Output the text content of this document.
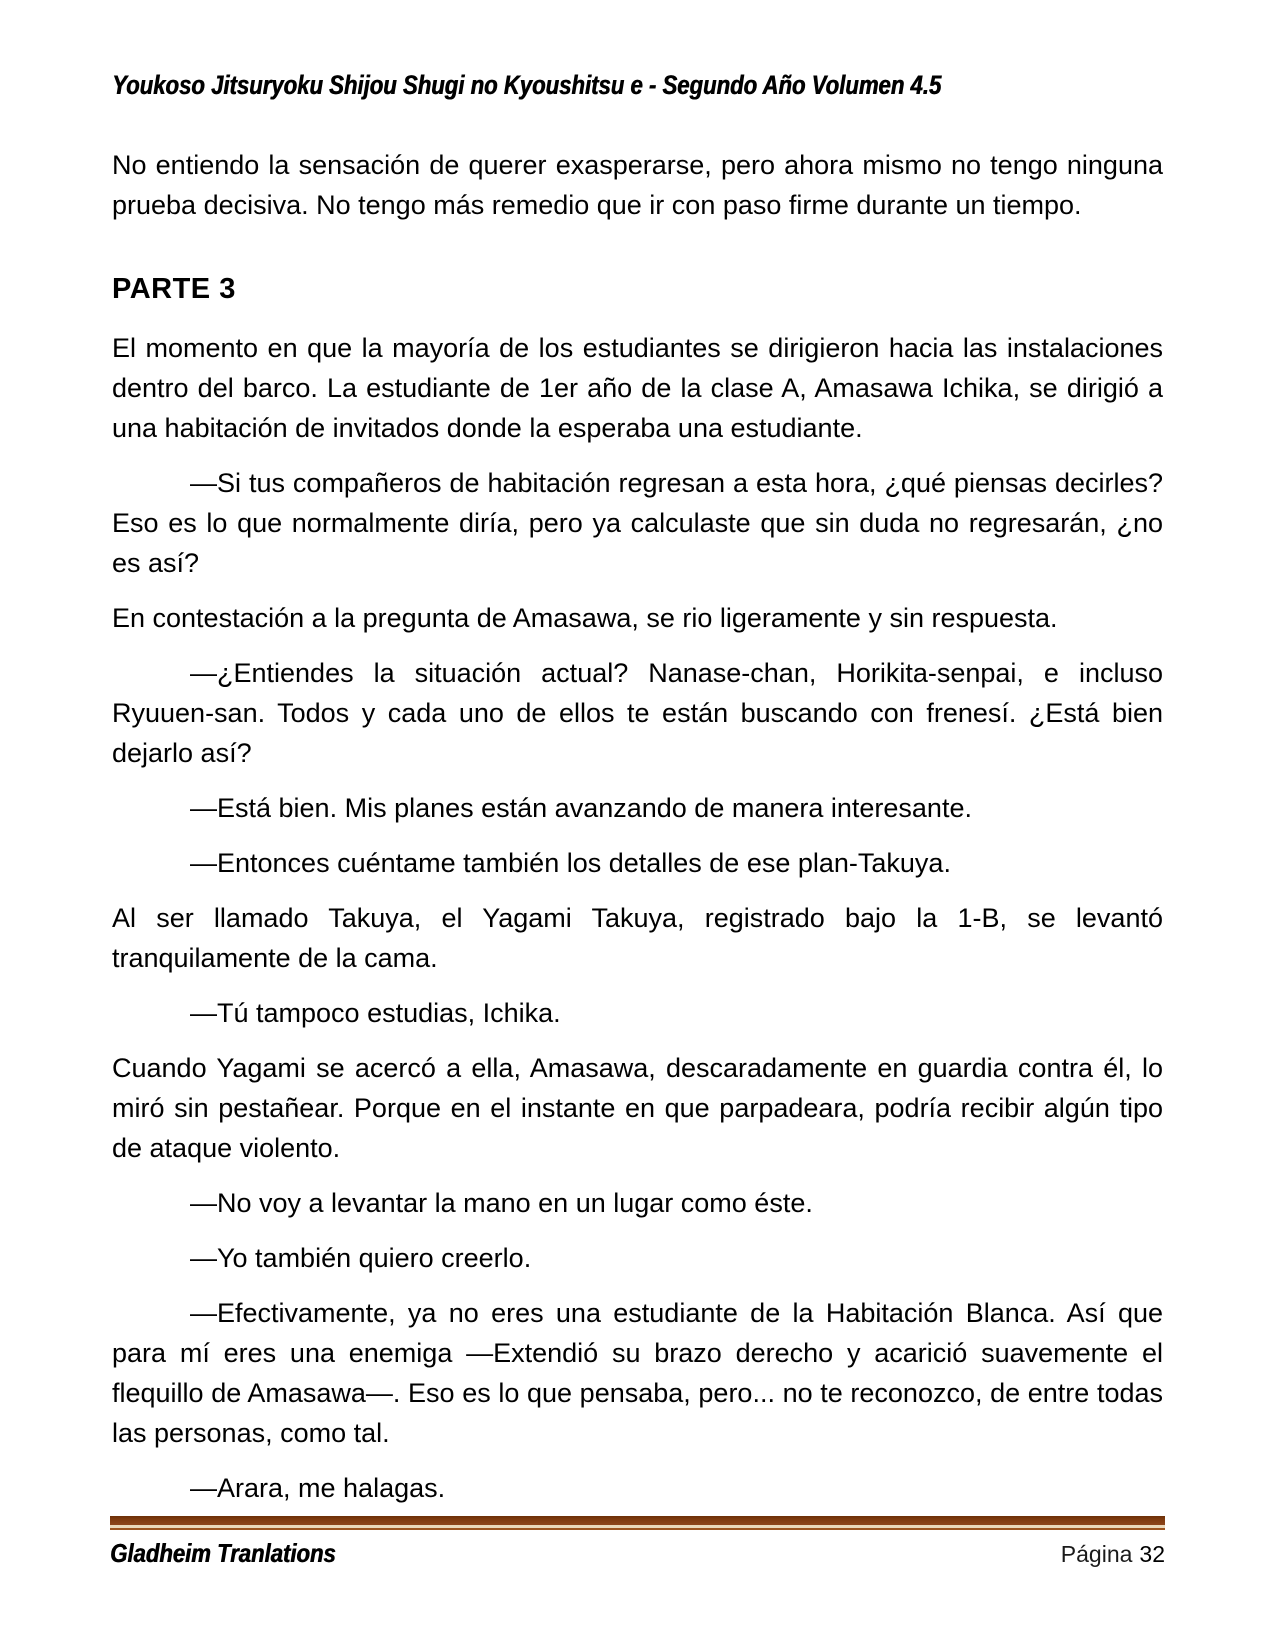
Youkoso Jitsuryoku Shijou Shugi no Kyoushitsu e - Segundo Año Volumen 4.5

No entiendo la sensación de querer exasperarse, pero ahora mismo no tengo ninguna prueba decisiva. No tengo más remedio que ir con paso firme durante un tiempo.

PARTE 3

El momento en que la mayoría de los estudiantes se dirigieron hacia las instalaciones dentro del barco. La estudiante de 1er año de la clase A, Amasawa Ichika, se dirigió a una habitación de invitados donde la esperaba una estudiante.

—Si tus compañeros de habitación regresan a esta hora, ¿qué piensas decirles? Eso es lo que normalmente diría, pero ya calculaste que sin duda no regresarán, ¿no es así?

En contestación a la pregunta de Amasawa, se rio ligeramente y sin respuesta.

—¿Entiendes la situación actual? Nanase-chan, Horikita-senpai, e incluso Ryuuen-san. Todos y cada uno de ellos te están buscando con frenesí. ¿Está bien dejarlo así?

—Está bien. Mis planes están avanzando de manera interesante.

—Entonces cuéntame también los detalles de ese plan-Takuya.

Al ser llamado Takuya, el Yagami Takuya, registrado bajo la 1-B, se levantó tranquilamente de la cama.

—Tú tampoco estudias, Ichika.

Cuando Yagami se acercó a ella, Amasawa, descaradamente en guardia contra él, lo miró sin pestañear. Porque en el instante en que parpadeara, podría recibir algún tipo de ataque violento.

—No voy a levantar la mano en un lugar como éste.

—Yo también quiero creerlo.

—Efectivamente, ya no eres una estudiante de la Habitación Blanca. Así que para mí eres una enemiga —Extendió su brazo derecho y acarició suavemente el flequillo de Amasawa—. Eso es lo que pensaba, pero... no te reconozco, de entre todas las personas, como tal.

—Arara, me halagas.

Gladheim Tranlations	Página 32
